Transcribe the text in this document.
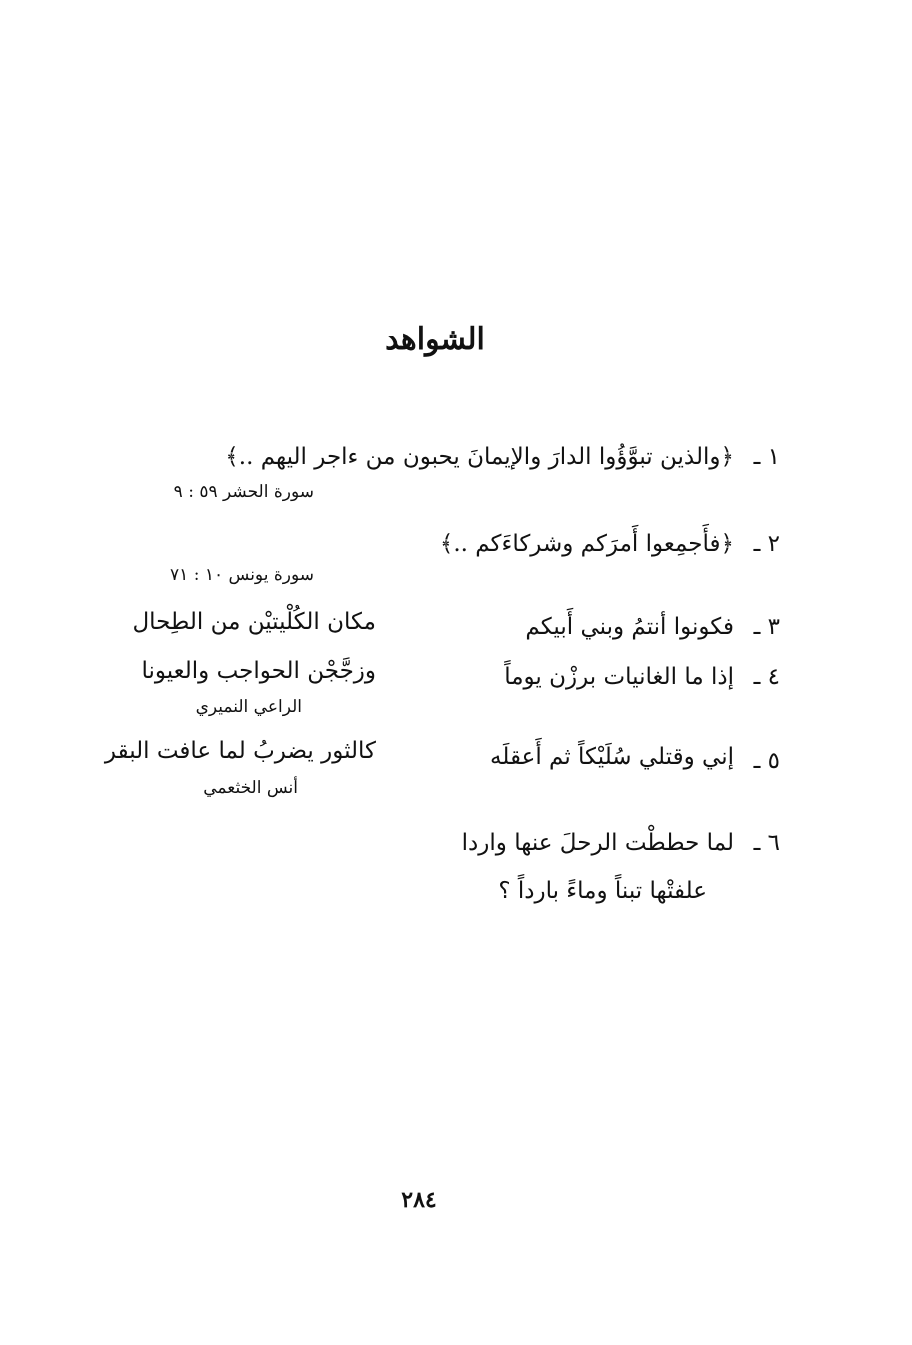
الشواهد
١ ـ
﴿والذين تبوَّؤُوا الدارَ والإيمانَ يحبون من ءاجر اليهم ..﴾
سورة الحشر ٥٩ : ٩
٢ ـ
﴿فأَجمِعوا أَمرَكم وشركاءَكم ..﴾
سورة يونس ١٠ : ٧١
٣ ـ
فكونوا أنتمُ وبني أَبيكم
مكان الكُلْيتيْن من الطِحال
٤ ـ
إذا ما الغانيات برزْن يوماً
وزجَّجْن الحواجب والعيونا
الراعي النميري
٥ ـ
إني وقتلي سُلَيْكاً ثم أَعقلَه
كالثور يضربُ لما عافت البقر
أنس الخثعمي
٦ ـ
لما حططْت الرحلَ عنها واردا
علفتْها تبناً وماءً بارداً ؟
٢٨٤
